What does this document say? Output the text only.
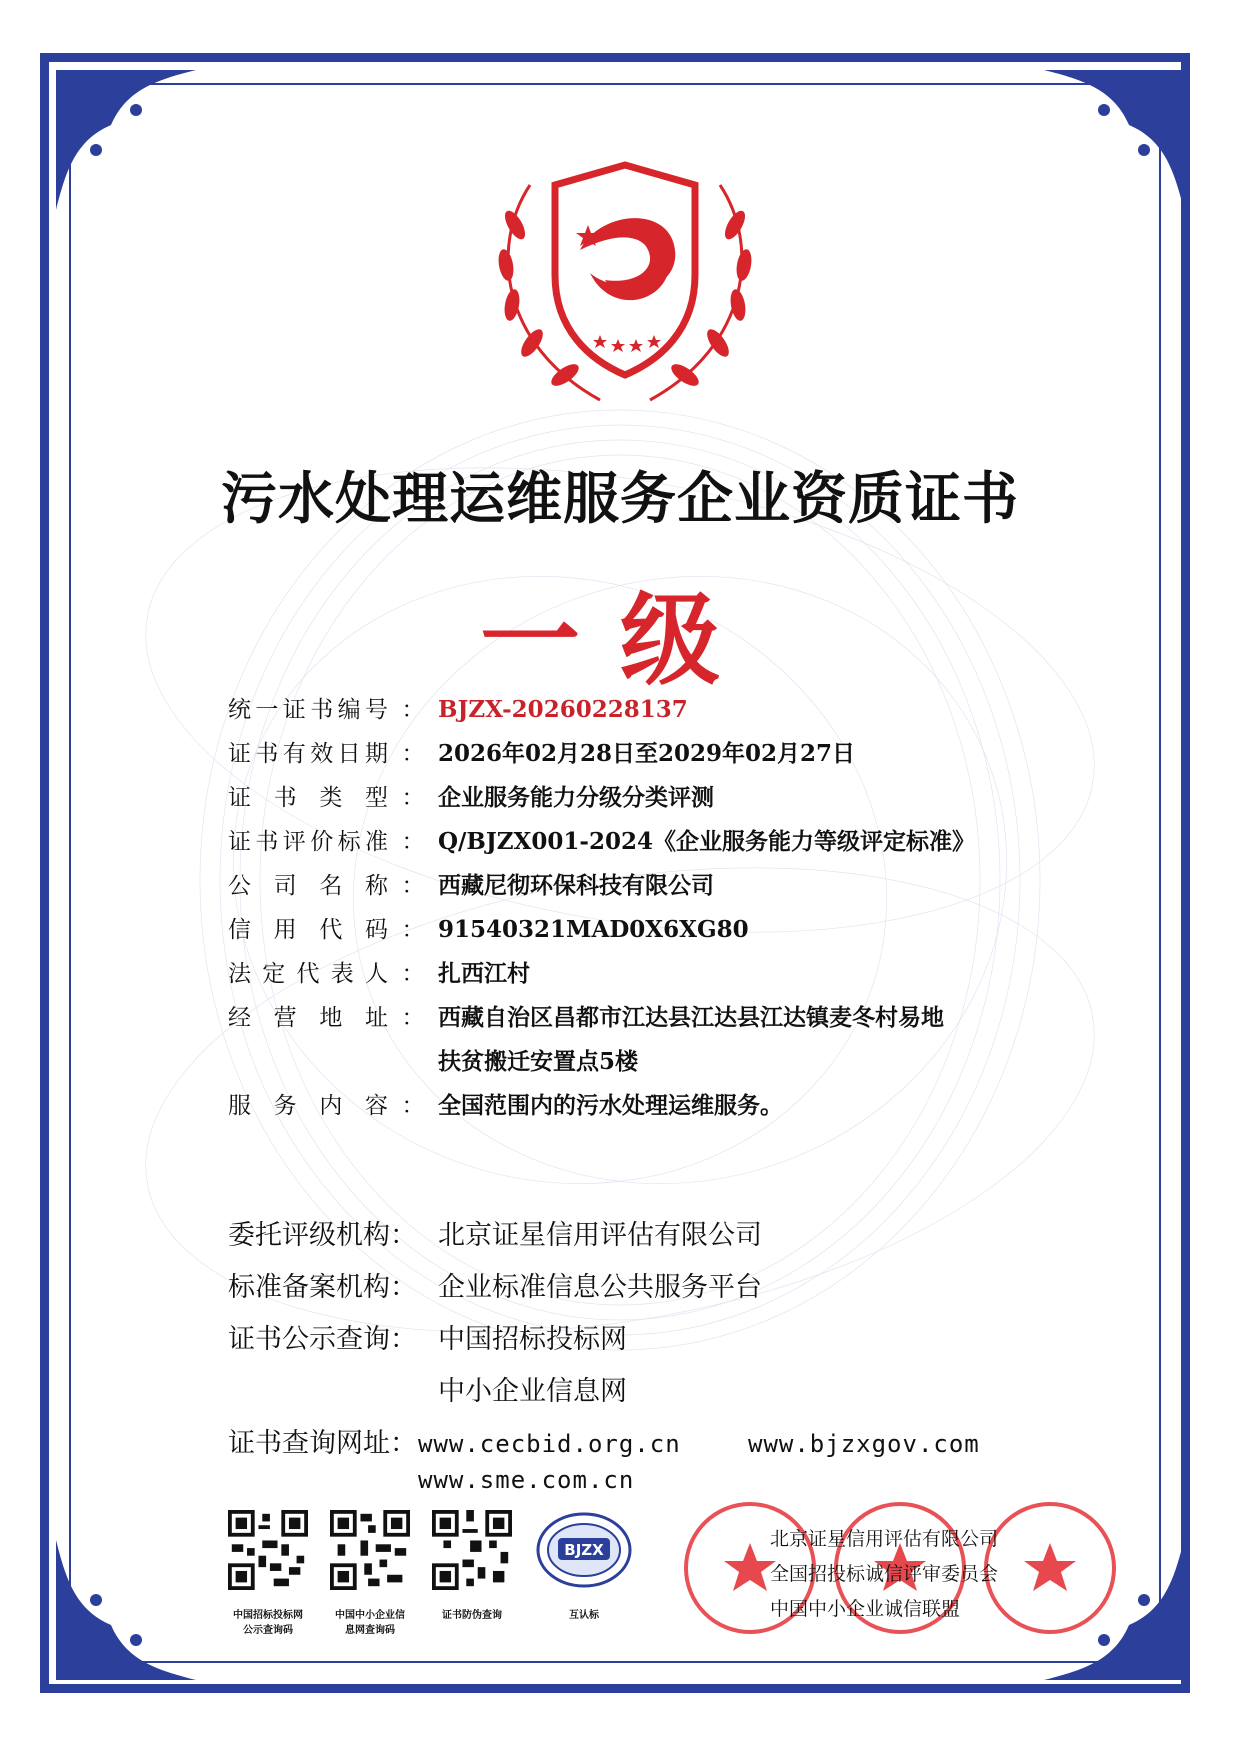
污水处理运维服务企业资质证书
一级
统一证书编号 ： BJZX-20260228137
证书有效日期 ： 2026年02月28日至2029年02月27日
证书类型 ： 企业服务能力分级分类评测
证书评价标准 ： Q/BJZX001-2024《企业服务能力等级评定标准》
公司名称 ： 西藏尼彻环保科技有限公司
信用代码 ： 91540321MAD0X6XG80
法定代表人 ： 扎西江村
经营地址 ： 西藏自治区昌都市江达县江达县江达镇麦冬村易地
扶贫搬迁安置点5楼
服务内容 ： 全国范围内的污水处理运维服务。
委托评级机构： 北京证星信用评估有限公司
标准备案机构： 企业标准信息公共服务平台
证书公示查询： 中国招标投标网
中小企业信息网
证书查询网址： www.cecbid.org.cn	www.bjzxgov.com
www.sme.com.cn
中国招标投标网
公示查询码
中国中小企业信
息网查询码
证书防伪查询

BJZX
互认标
北京证星信用评估有限公司
全国招投标诚信评审委员会
中国中小企业诚信联盟
